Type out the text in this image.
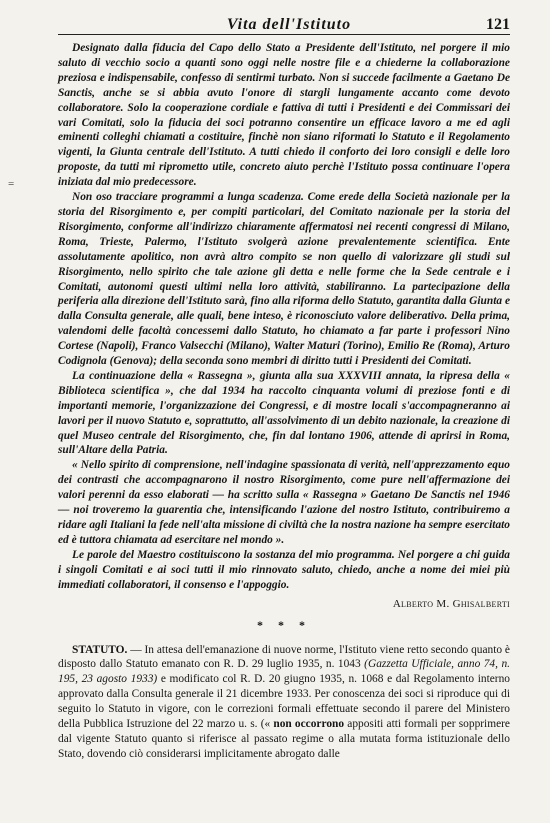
Vita dell'Istituto	121
=

Designato dalla fiducia del Capo dello Stato a Presidente dell'Istituto, nel porgere il mio saluto di vecchio socio a quanti sono oggi nelle nostre file e a chiederne la collaborazione preziosa e indispensabile, confesso di sentirmi turbato. Non si succede facilmente a Gaetano De Sanctis, anche se si abbia avuto l'onore di stargli lungamente accanto come devoto collaboratore. Solo la cooperazione cordiale e fattiva di tutti i Presidenti e dei Commissari dei vari Comitati, solo la fiducia dei soci potranno consentire un efficace lavoro a me ed agli eminenti colleghi chiamati a costituire, finchè non siano riformati lo Statuto e il Regolamento vigenti, la Giunta centrale dell'Istituto. A tutti chiedo il conforto dei loro consigli e delle loro proposte, da tutti mi riprometto utile, concreto aiuto perchè l'Istituto possa continuare l'opera iniziata dal mio predecessore.

Non oso tracciare programmi a lunga scadenza. Come erede della Società nazionale per la storia del Risorgimento e, per compiti particolari, del Comitato nazionale per la storia del Risorgimento, conforme all'indirizzo chiaramente affermatosi nei recenti congressi di Milano, Roma, Trieste, Palermo, l'Istituto svolgerà azione prevalentemente scientifica. Ente assolutamente apolitico, non avrà altro compito se non quello di valorizzare gli studi sul Risorgimento, nello spirito che tale azione gli detta e nelle forme che la Sede centrale e i Comitati, autonomi questi ultimi nella loro attività, stabiliranno. La partecipazione della periferia alla direzione dell'Istituto sarà, fino alla riforma dello Statuto, garantita dalla Giunta e dalla Consulta generale, alle quali, bene inteso, è riconosciuto valore deliberativo. Della prima, valendomi delle facoltà concessemi dallo Statuto, ho chiamato a far parte i professori Nino Cortese (Napoli), Franco Valsecchi (Milano), Walter Maturi (Torino), Emilio Re (Roma), Arturo Codignola (Genova); della seconda sono membri di diritto tutti i Presidenti dei Comitati.

La continuazione della « Rassegna », giunta alla sua XXXVIII annata, la ripresa della « Biblioteca scientifica », che dal 1934 ha raccolto cinquanta volumi di preziose fonti e di importanti memorie, l'organizzazione dei Congressi, e di mostre locali s'accompagneranno ai lavori per il nuovo Statuto e, soprattutto, all'assolvimento di un debito nazionale, la creazione di quel Museo centrale del Risorgimento, che, fin dal lontano 1906, attende di aprirsi in Roma, sull'Altare della Patria.

« Nello spirito di comprensione, nell'indagine spassionata di verità, nell'apprezzamento equo dei contrasti che accompagnarono il nostro Risorgimento, come pure nell'affermazione dei valori perenni da esso elaborati — ha scritto sulla « Rassegna » Gaetano De Sanctis nel 1946 — noi troveremo la guarentia che, intensificando l'azione del nostro Istituto, contribuiremo a ridare agli Italiani la fede nell'alta missione di civiltà che la nostra nazione ha sempre esercitato ed è tuttora chiamata ad esercitare nel mondo ».

Le parole del Maestro costituiscono la sostanza del mio programma. Nel porgere a chi guida i singoli Comitati e ai soci tutti il mio rinnovato saluto, chiedo, anche a nome dei miei più immediati collaboratori, il consenso e l'appoggio.

Alberto M. Ghisalberti
* * *

STATUTO. — In attesa dell'emanazione di nuove norme, l'Istituto viene retto secondo quanto è disposto dallo Statuto emanato con R. D. 29 luglio 1935, n. 1043 (Gazzetta Ufficiale, anno 74, n. 195, 23 agosto 1933) e modificato col R. D. 20 giugno 1935, n. 1068 e dal Regolamento interno approvato dalla Consulta generale il 21 dicembre 1933. Per conoscenza dei soci si riproduce qui di seguito lo Statuto in vigore, con le correzioni formali effettuate secondo il parere del Ministero della Pubblica Istruzione del 22 marzo u. s. (« non occorrono appositi atti formali per sopprimere dal vigente Statuto quanto si riferisce al passato regime o alla mutata forma istituzionale dello Stato, dovendo ciò considerarsi implicitamente abrogato dalle
